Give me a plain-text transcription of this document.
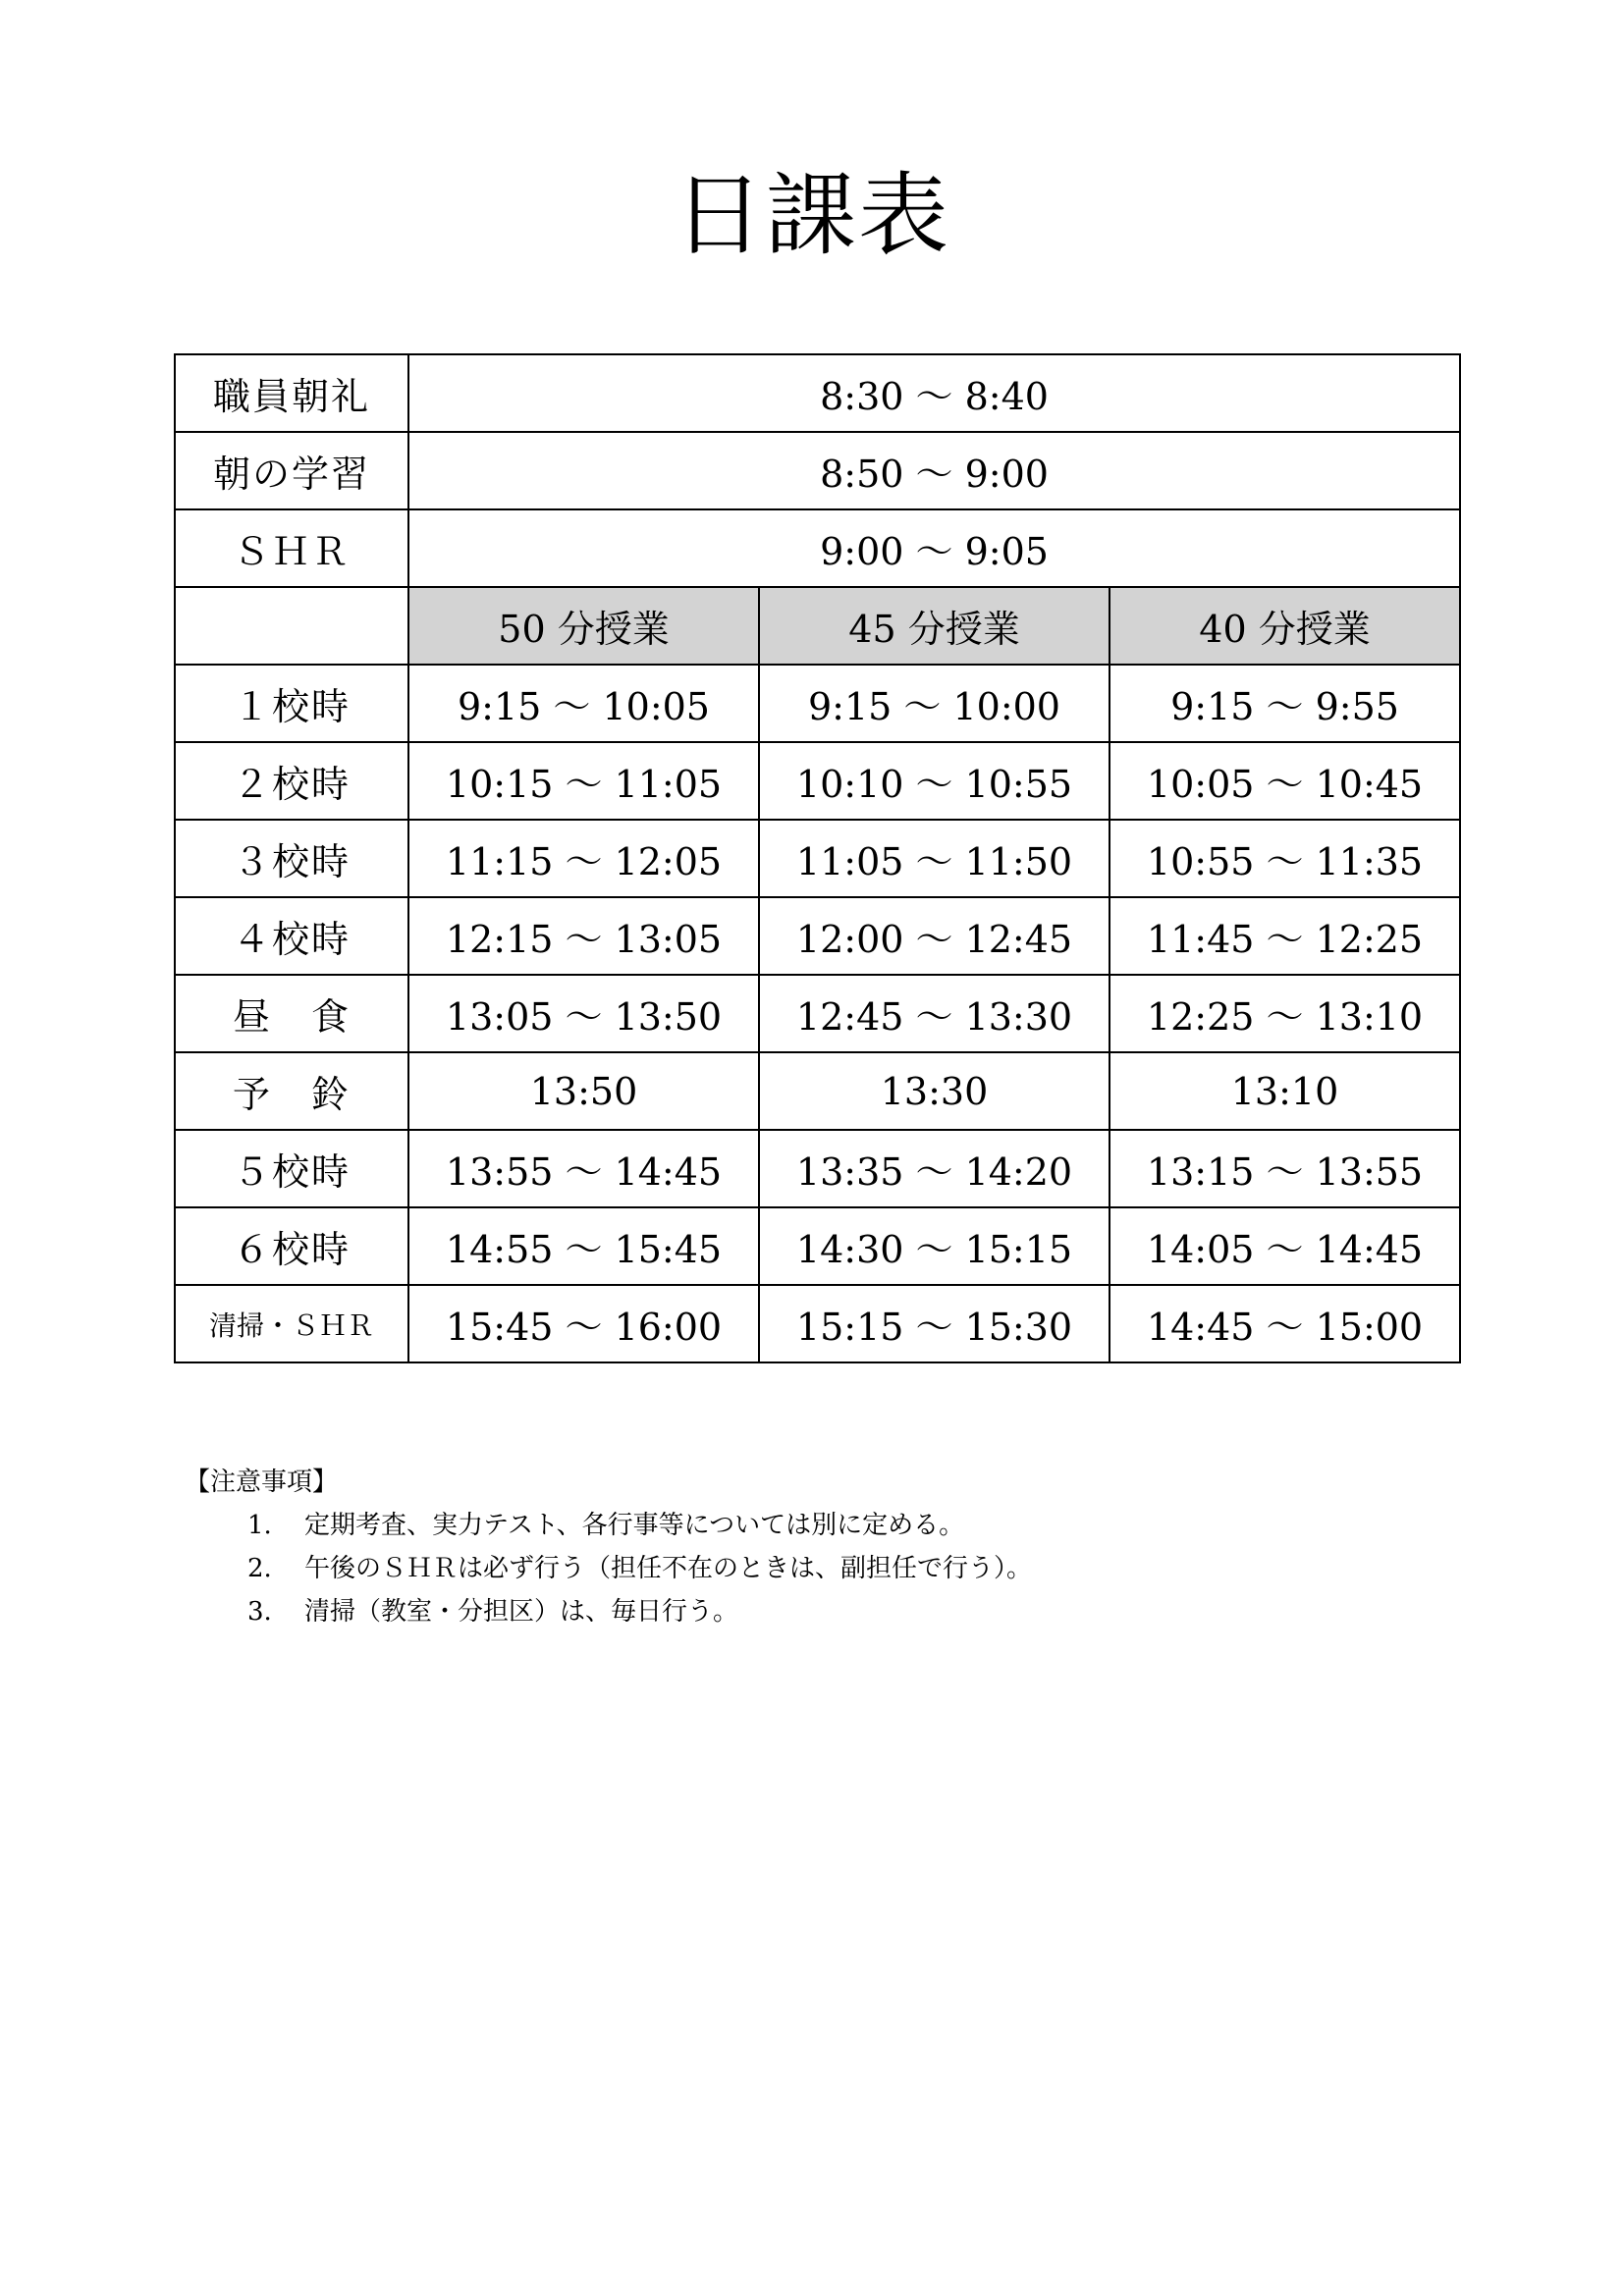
日課表
職員朝礼	8:30 〜 8:40		
朝の学習	8:50 〜 9:00		
ＳＨＲ	9:00 〜 9:05		
	50 分授業	45 分授業	40 分授業
１校時	9:15 〜 10:05	9:15 〜 10:00	9:15 〜 9:55
２校時	10:15 〜 11:05	10:10 〜 10:55	10:05 〜 10:45
３校時	11:15 〜 12:05	11:05 〜 11:50	10:55 〜 11:35
４校時	12:15 〜 13:05	12:00 〜 12:45	11:45 〜 12:25
昼　食	13:05 〜 13:50	12:45 〜 13:30	12:25 〜 13:10
予　鈴	13:50	13:30	13:10
５校時	13:55 〜 14:45	13:35 〜 14:20	13:15 〜 13:55
６校時	14:55 〜 15:45	14:30 〜 15:15	14:05 〜 14:45
清掃・ＳＨＲ	15:45 〜 16:00	15:15 〜 15:30	14:45 〜 15:00
【注意事項】
1.	定期考査、実力テスト、各行事等については別に定める。
2.	午後のＳＨＲは必ず行う（担任不在のときは、副担任で行う）。
3.	清掃（教室・分担区）は、毎日行う。
